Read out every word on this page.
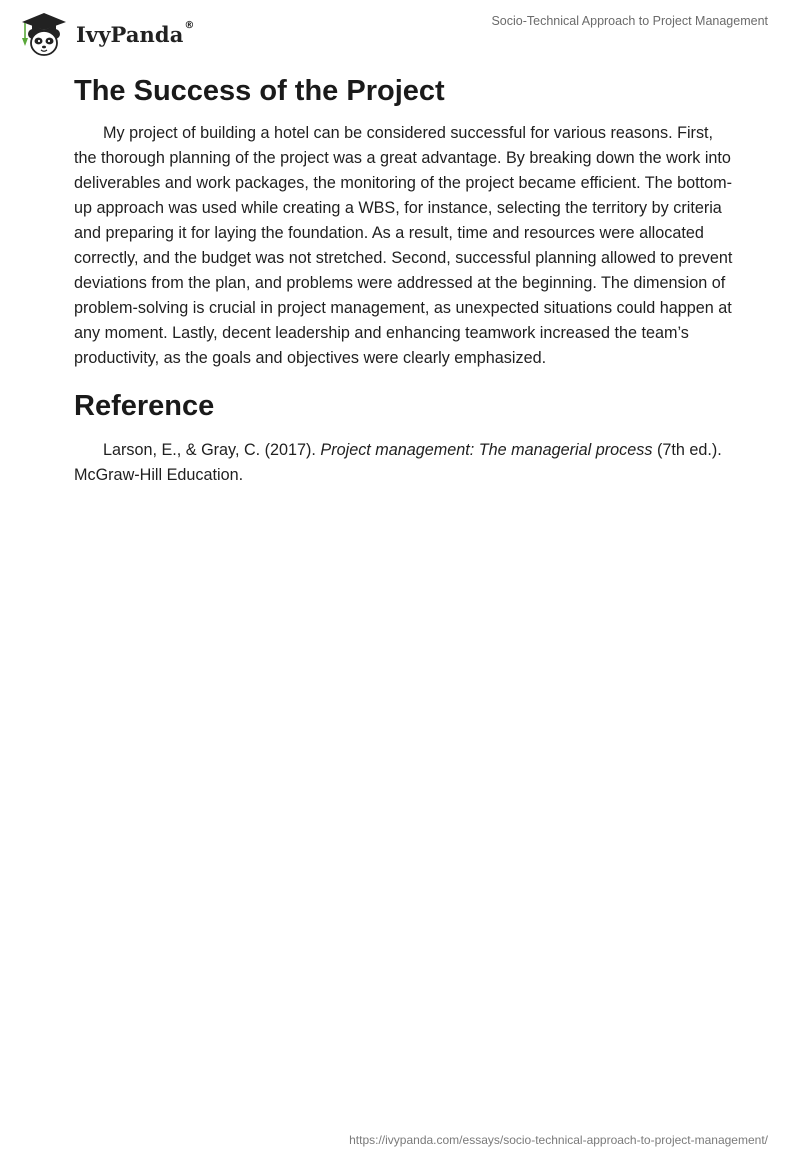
IvyPanda®	Socio-Technical Approach to Project Management
The Success of the Project

My project of building a hotel can be considered successful for various reasons. First, the thorough planning of the project was a great advantage. By breaking down the work into deliverables and work packages, the monitoring of the project became efficient. The bottom-up approach was used while creating a WBS, for instance, selecting the territory by criteria and preparing it for laying the foundation. As a result, time and resources were allocated correctly, and the budget was not stretched. Second, successful planning allowed to prevent deviations from the plan, and problems were addressed at the beginning. The dimension of problem-solving is crucial in project management, as unexpected situations could happen at any moment. Lastly, decent leadership and enhancing teamwork increased the team’s productivity, as the goals and objectives were clearly emphasized.

Reference

Larson, E., & Gray, C. (2017). Project management: The managerial process (7th ed.). McGraw-Hill Education.

https://ivypanda.com/essays/socio-technical-approach-to-project-management/
